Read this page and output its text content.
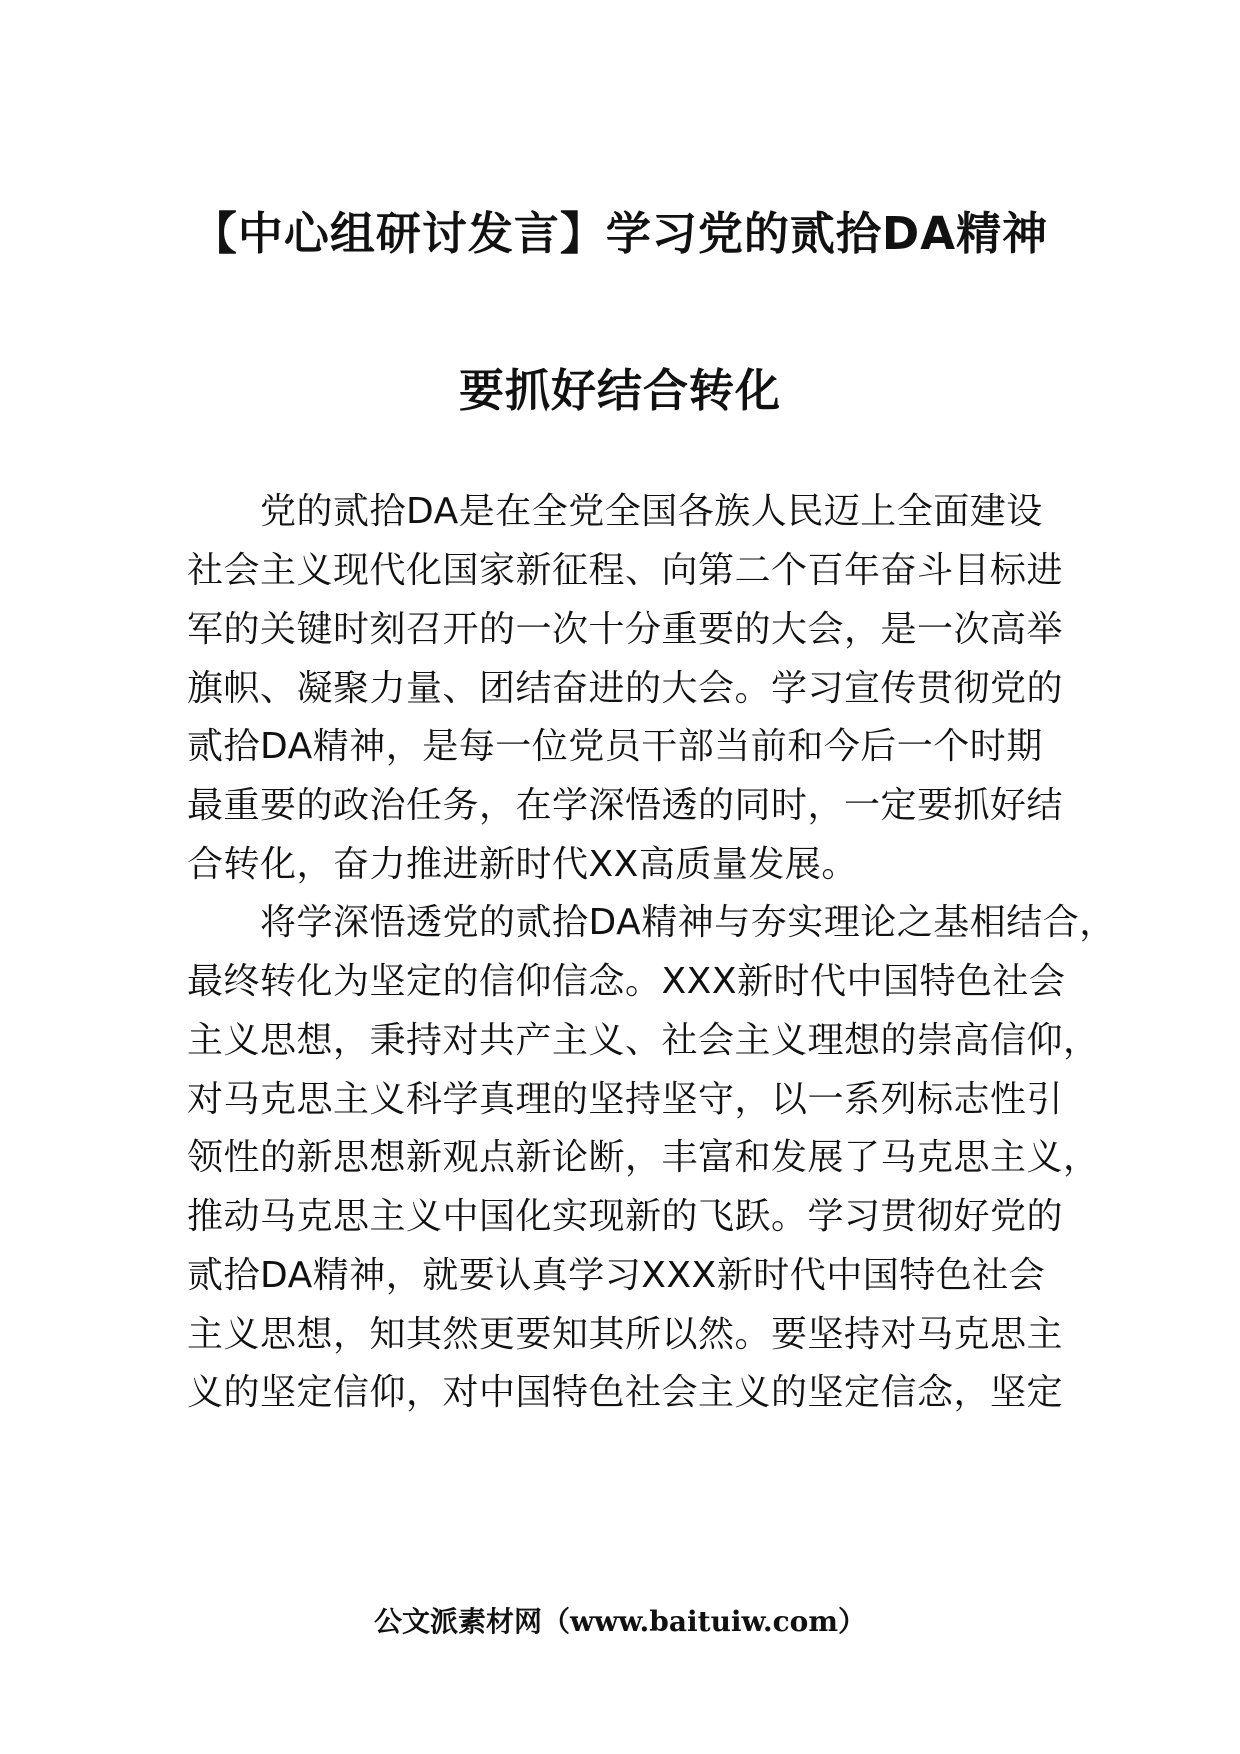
【中心组研讨发言】学习党的贰拾DA精神
要抓好结合转化
　　党的贰拾DA是在全党全国各族人民迈上全面建设
社会主义现代化国家新征程、向第二个百年奋斗目标进
军的关键时刻召开的一次十分重要的大会，是一次高举
旗帜、凝聚力量、团结奋进的大会。学习宣传贯彻党的
贰拾DA精神，是每一位党员干部当前和今后一个时期
最重要的政治任务，在学深悟透的同时，一定要抓好结
合转化，奋力推进新时代XX高质量发展。
　　将学深悟透党的贰拾DA精神与夯实理论之基相结合，
最终转化为坚定的信仰信念。XXX新时代中国特色社会
主义思想，秉持对共产主义、社会主义理想的崇高信仰，
对马克思主义科学真理的坚持坚守，以一系列标志性引
领性的新思想新观点新论断，丰富和发展了马克思主义，
推动马克思主义中国化实现新的飞跃。学习贯彻好党的
贰拾DA精神，就要认真学习XXX新时代中国特色社会
主义思想，知其然更要知其所以然。要坚持对马克思主
义的坚定信仰，对中国特色社会主义的坚定信念，坚定
公文派素材网（www.baituiw.com）
